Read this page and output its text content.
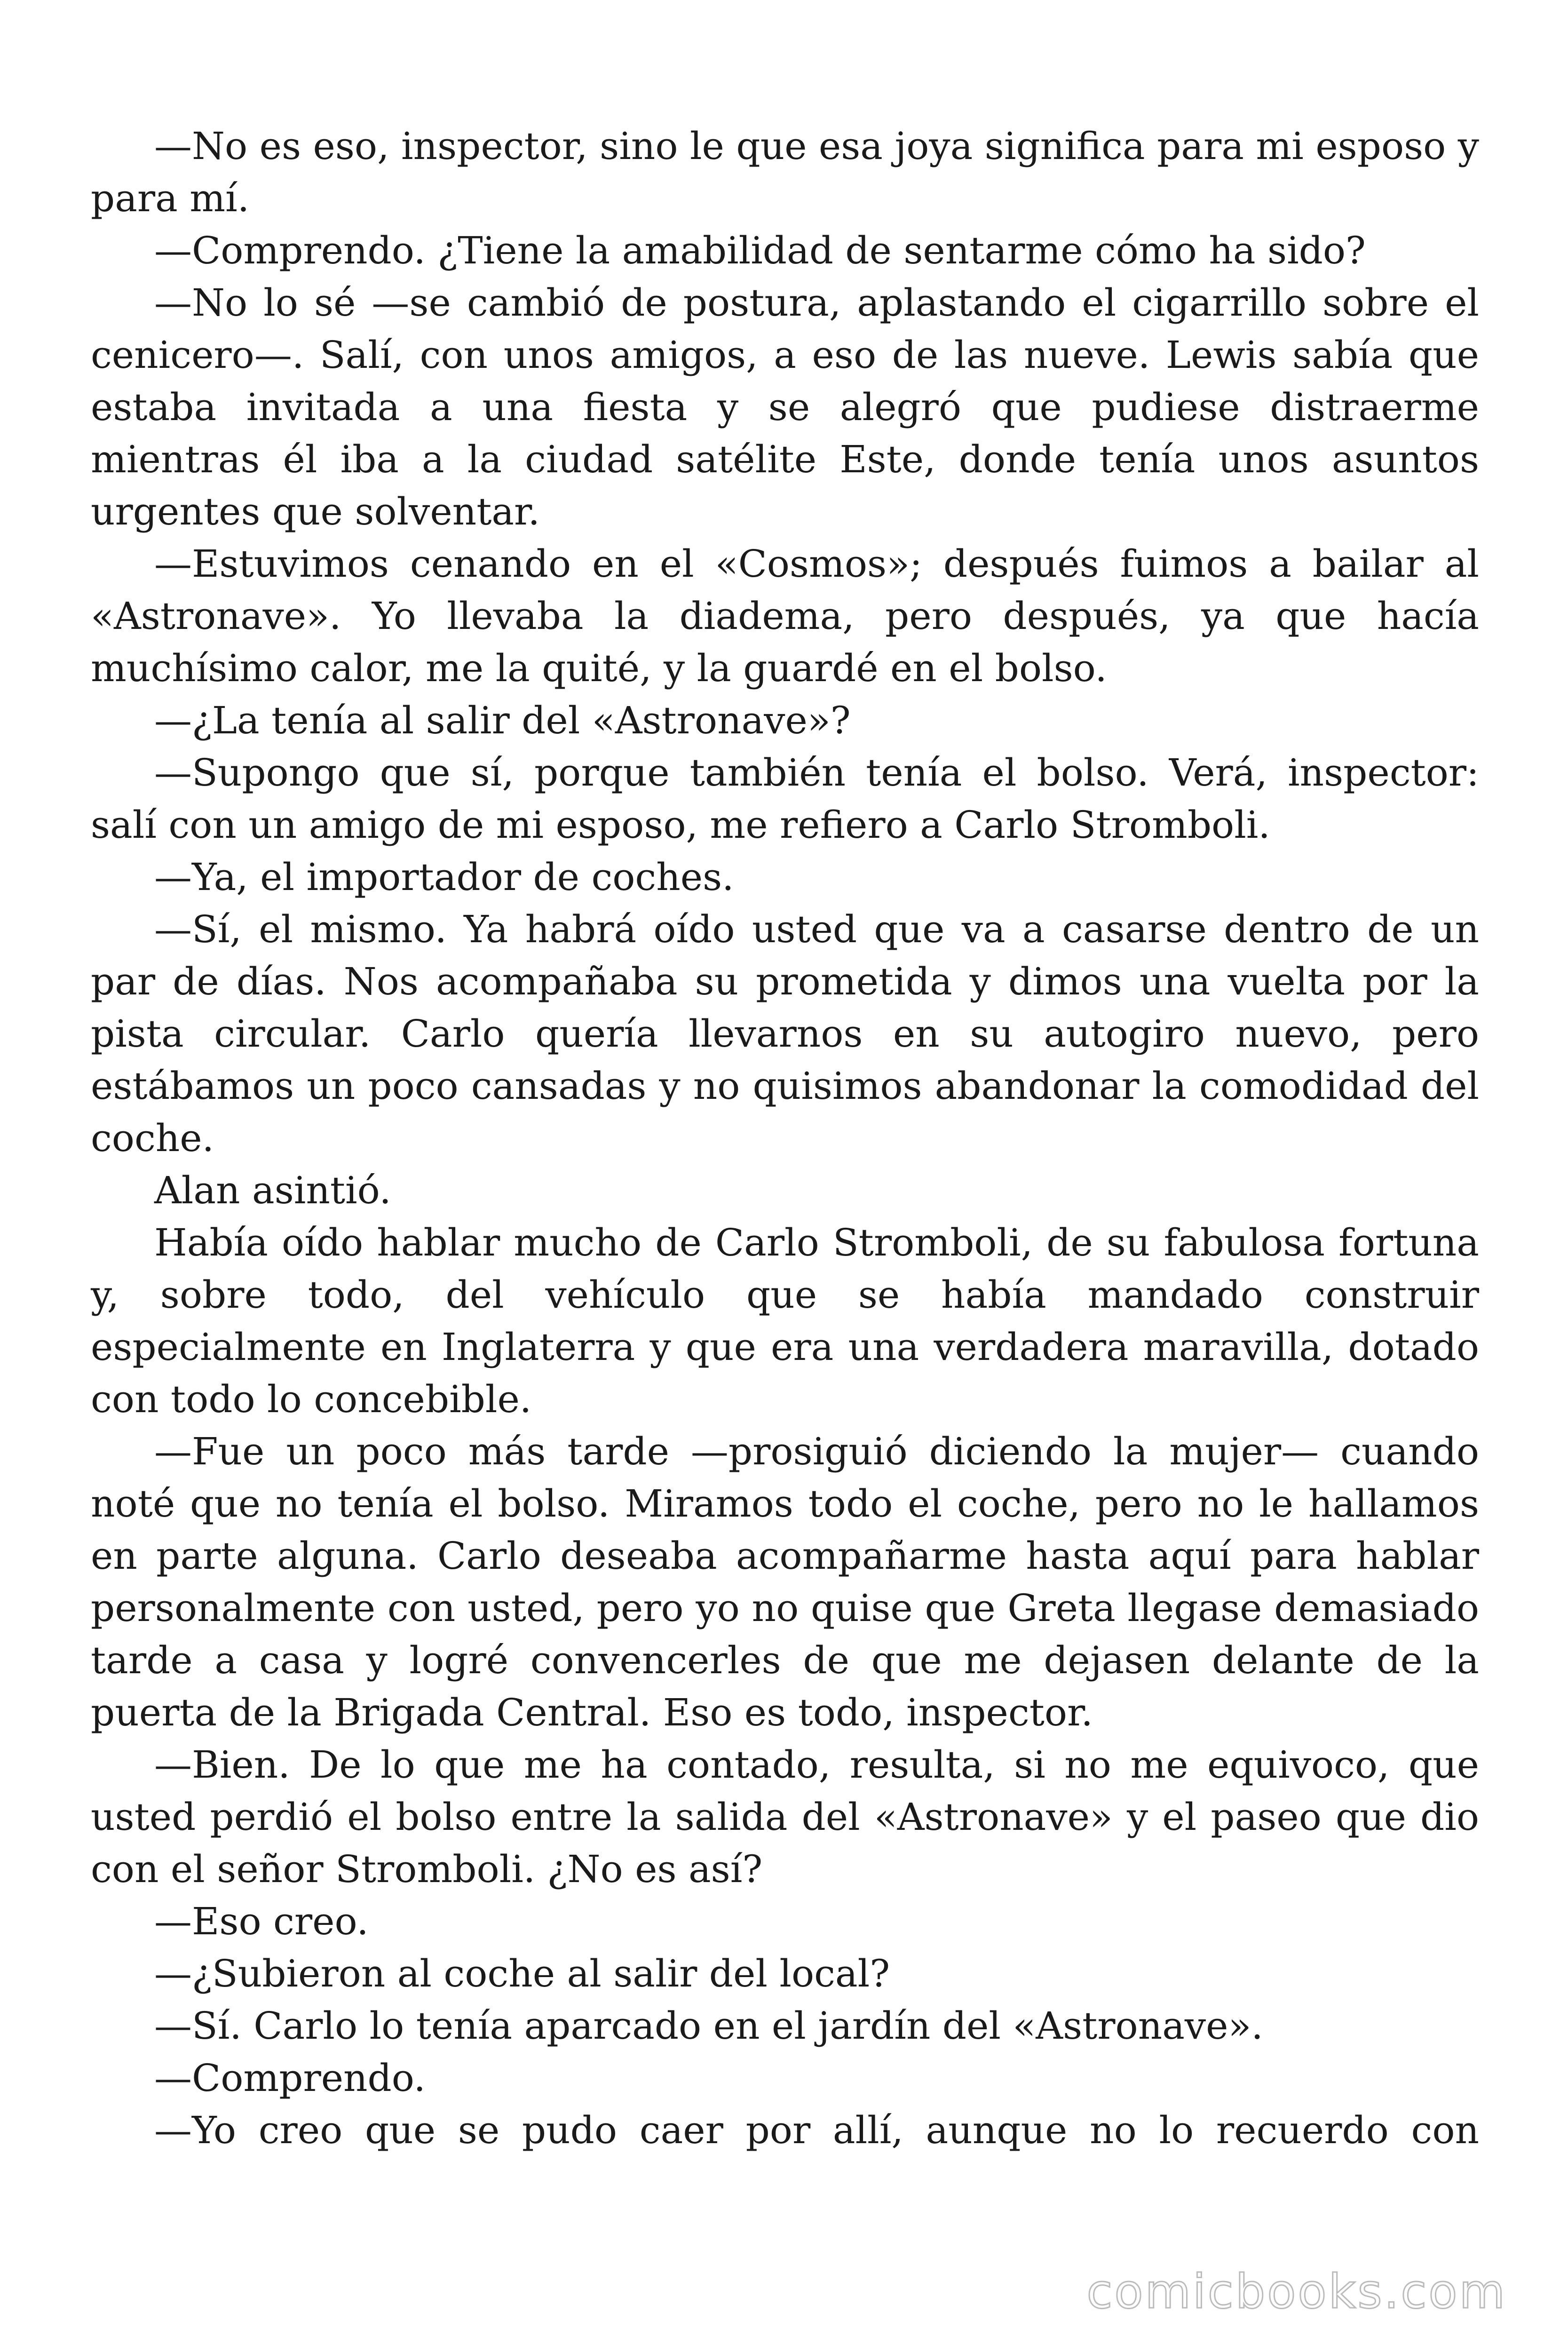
—No es eso, inspector, sino le que esa joya significa para mi esposo y para mí.

—Comprendo. ¿Tiene la amabilidad de sentarme cómo ha sido?

—No lo sé —se cambió de postura, aplastando el cigarrillo sobre el cenicero—. Salí, con unos amigos, a eso de las nueve. Lewis sabía que estaba invitada a una fiesta y se alegró que pudiese distraerme mientras él iba a la ciudad satélite Este, donde tenía unos asuntos urgentes que solventar.

—Estuvimos cenando en el «Cosmos»; después fuimos a bailar al «Astronave». Yo llevaba la diadema, pero después, ya que hacía muchísimo calor, me la quité, y la guardé en el bolso.

—¿La tenía al salir del «Astronave»?

—Supongo que sí, porque también tenía el bolso. Verá, inspector: salí con un amigo de mi esposo, me refiero a Carlo Stromboli.

—Ya, el importador de coches.

—Sí, el mismo. Ya habrá oído usted que va a casarse dentro de un par de días. Nos acompañaba su prometida y dimos una vuelta por la pista circular. Carlo quería llevarnos en su autogiro nuevo, pero estábamos un poco cansadas y no quisimos abandonar la comodidad del coche.

Alan asintió.

Había oído hablar mucho de Carlo Stromboli, de su fabulosa fortuna y, sobre todo, del vehículo que se había mandado construir especialmente en Inglaterra y que era una verdadera maravilla, dotado con todo lo concebible.

—Fue un poco más tarde —prosiguió diciendo la mujer— cuando noté que no tenía el bolso. Miramos todo el coche, pero no le hallamos en parte alguna. Carlo deseaba acompañarme hasta aquí para hablar personalmente con usted, pero yo no quise que Greta llegase demasiado tarde a casa y logré convencerles de que me dejasen delante de la puerta de la Brigada Central. Eso es todo, inspector.

—Bien. De lo que me ha contado, resulta, si no me equivoco, que usted perdió el bolso entre la salida del «Astronave» y el paseo que dio con el señor Stromboli. ¿No es así?

—Eso creo.

—¿Subieron al coche al salir del local?

—Sí. Carlo lo tenía aparcado en el jardín del «Astronave».

—Comprendo.

—Yo creo que se pudo caer por allí, aunque no lo recuerdo con

comicbooks.com
